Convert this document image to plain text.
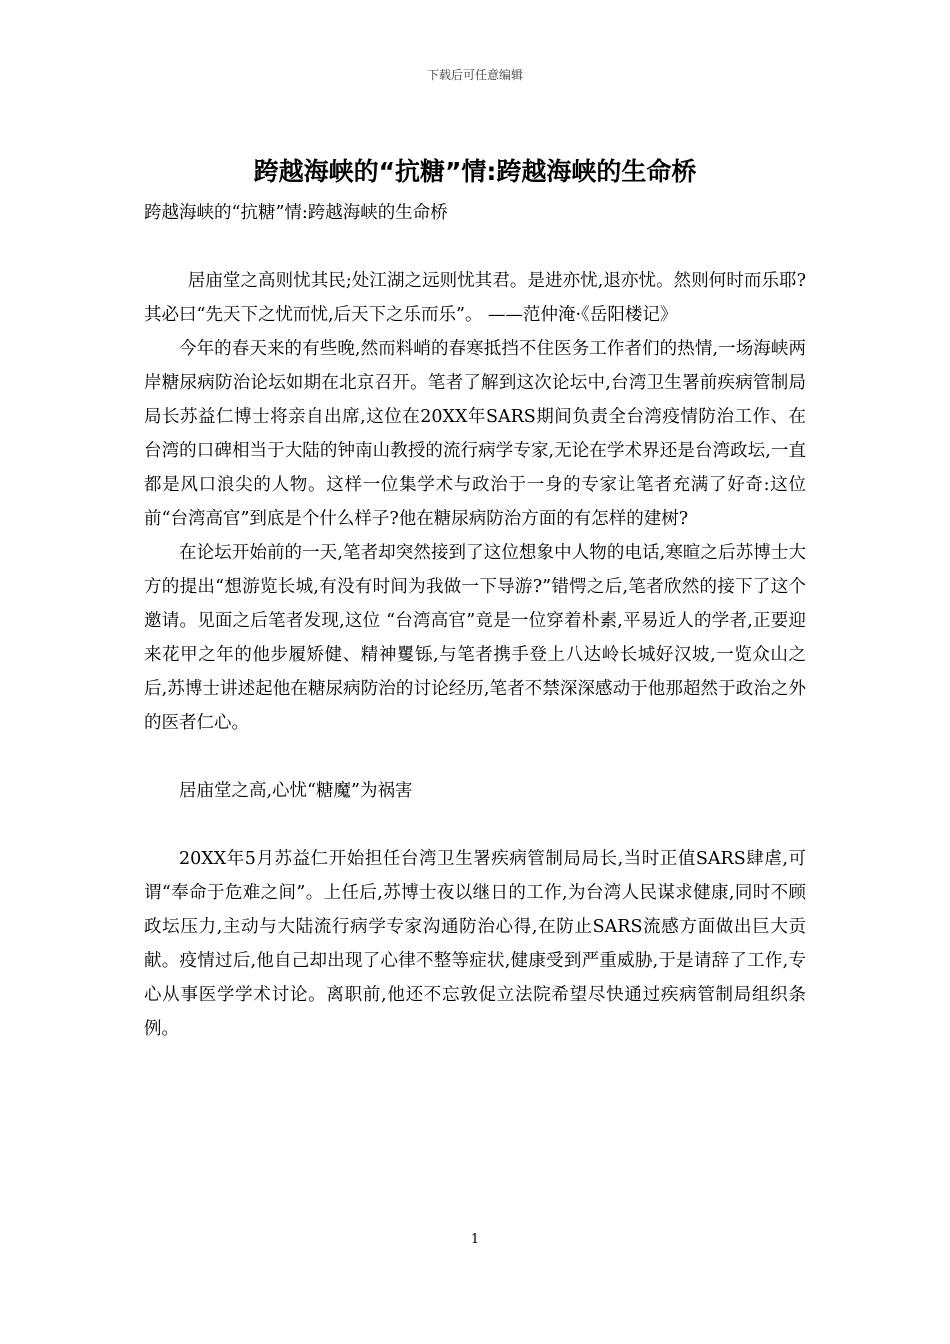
下载后可任意编辑
跨越海峡的“抗糖”情:跨越海峡的生命桥

跨越海峡的“抗糖”情:跨越海峡的生命桥

居庙堂之高则忧其民;处江湖之远则忧其君。是进亦忧,退亦忧。然则何时而乐耶?其必曰“先天下之忧而忧,后天下之乐而乐”。 ——范仲淹·《岳阳楼记》

今年的春天来的有些晚,然而料峭的春寒抵挡不住医务工作者们的热情,一场海峡两岸糖尿病防治论坛如期在北京召开。笔者了解到这次论坛中,台湾卫生署前疾病管制局局长苏益仁博士将亲自出席,这位在20XX年SARS期间负责全台湾疫情防治工作、在台湾的口碑相当于大陆的钟南山教授的流行病学专家,无论在学术界还是台湾政坛,一直都是风口浪尖的人物。这样一位集学术与政治于一身的专家让笔者充满了好奇:这位前“台湾高官”到底是个什么样子?他在糖尿病防治方面的有怎样的建树?

在论坛开始前的一天,笔者却突然接到了这位想象中人物的电话,寒暄之后苏博士大方的提出“想游览长城,有没有时间为我做一下导游?”错愕之后,笔者欣然的接下了这个邀请。见面之后笔者发现,这位 “台湾高官”竟是一位穿着朴素,平易近人的学者,正要迎来花甲之年的他步履矫健、精神矍铄,与笔者携手登上八达岭长城好汉坡,一览众山之后,苏博士讲述起他在糖尿病防治的讨论经历,笔者不禁深深感动于他那超然于政治之外的医者仁心。

居庙堂之高,心忧“糖魔”为祸害

20XX年5月苏益仁开始担任台湾卫生署疾病管制局局长,当时正值SARS肆虐,可谓“奉命于危难之间”。上任后,苏博士夜以继日的工作,为台湾人民谋求健康,同时不顾政坛压力,主动与大陆流行病学专家沟通防治心得,在防止SARS流感方面做出巨大贡献。疫情过后,他自己却出现了心律不整等症状,健康受到严重威胁,于是请辞了工作,专心从事医学学术讨论。离职前,他还不忘敦促立法院希望尽快通过疾病管制局组织条例。

1
